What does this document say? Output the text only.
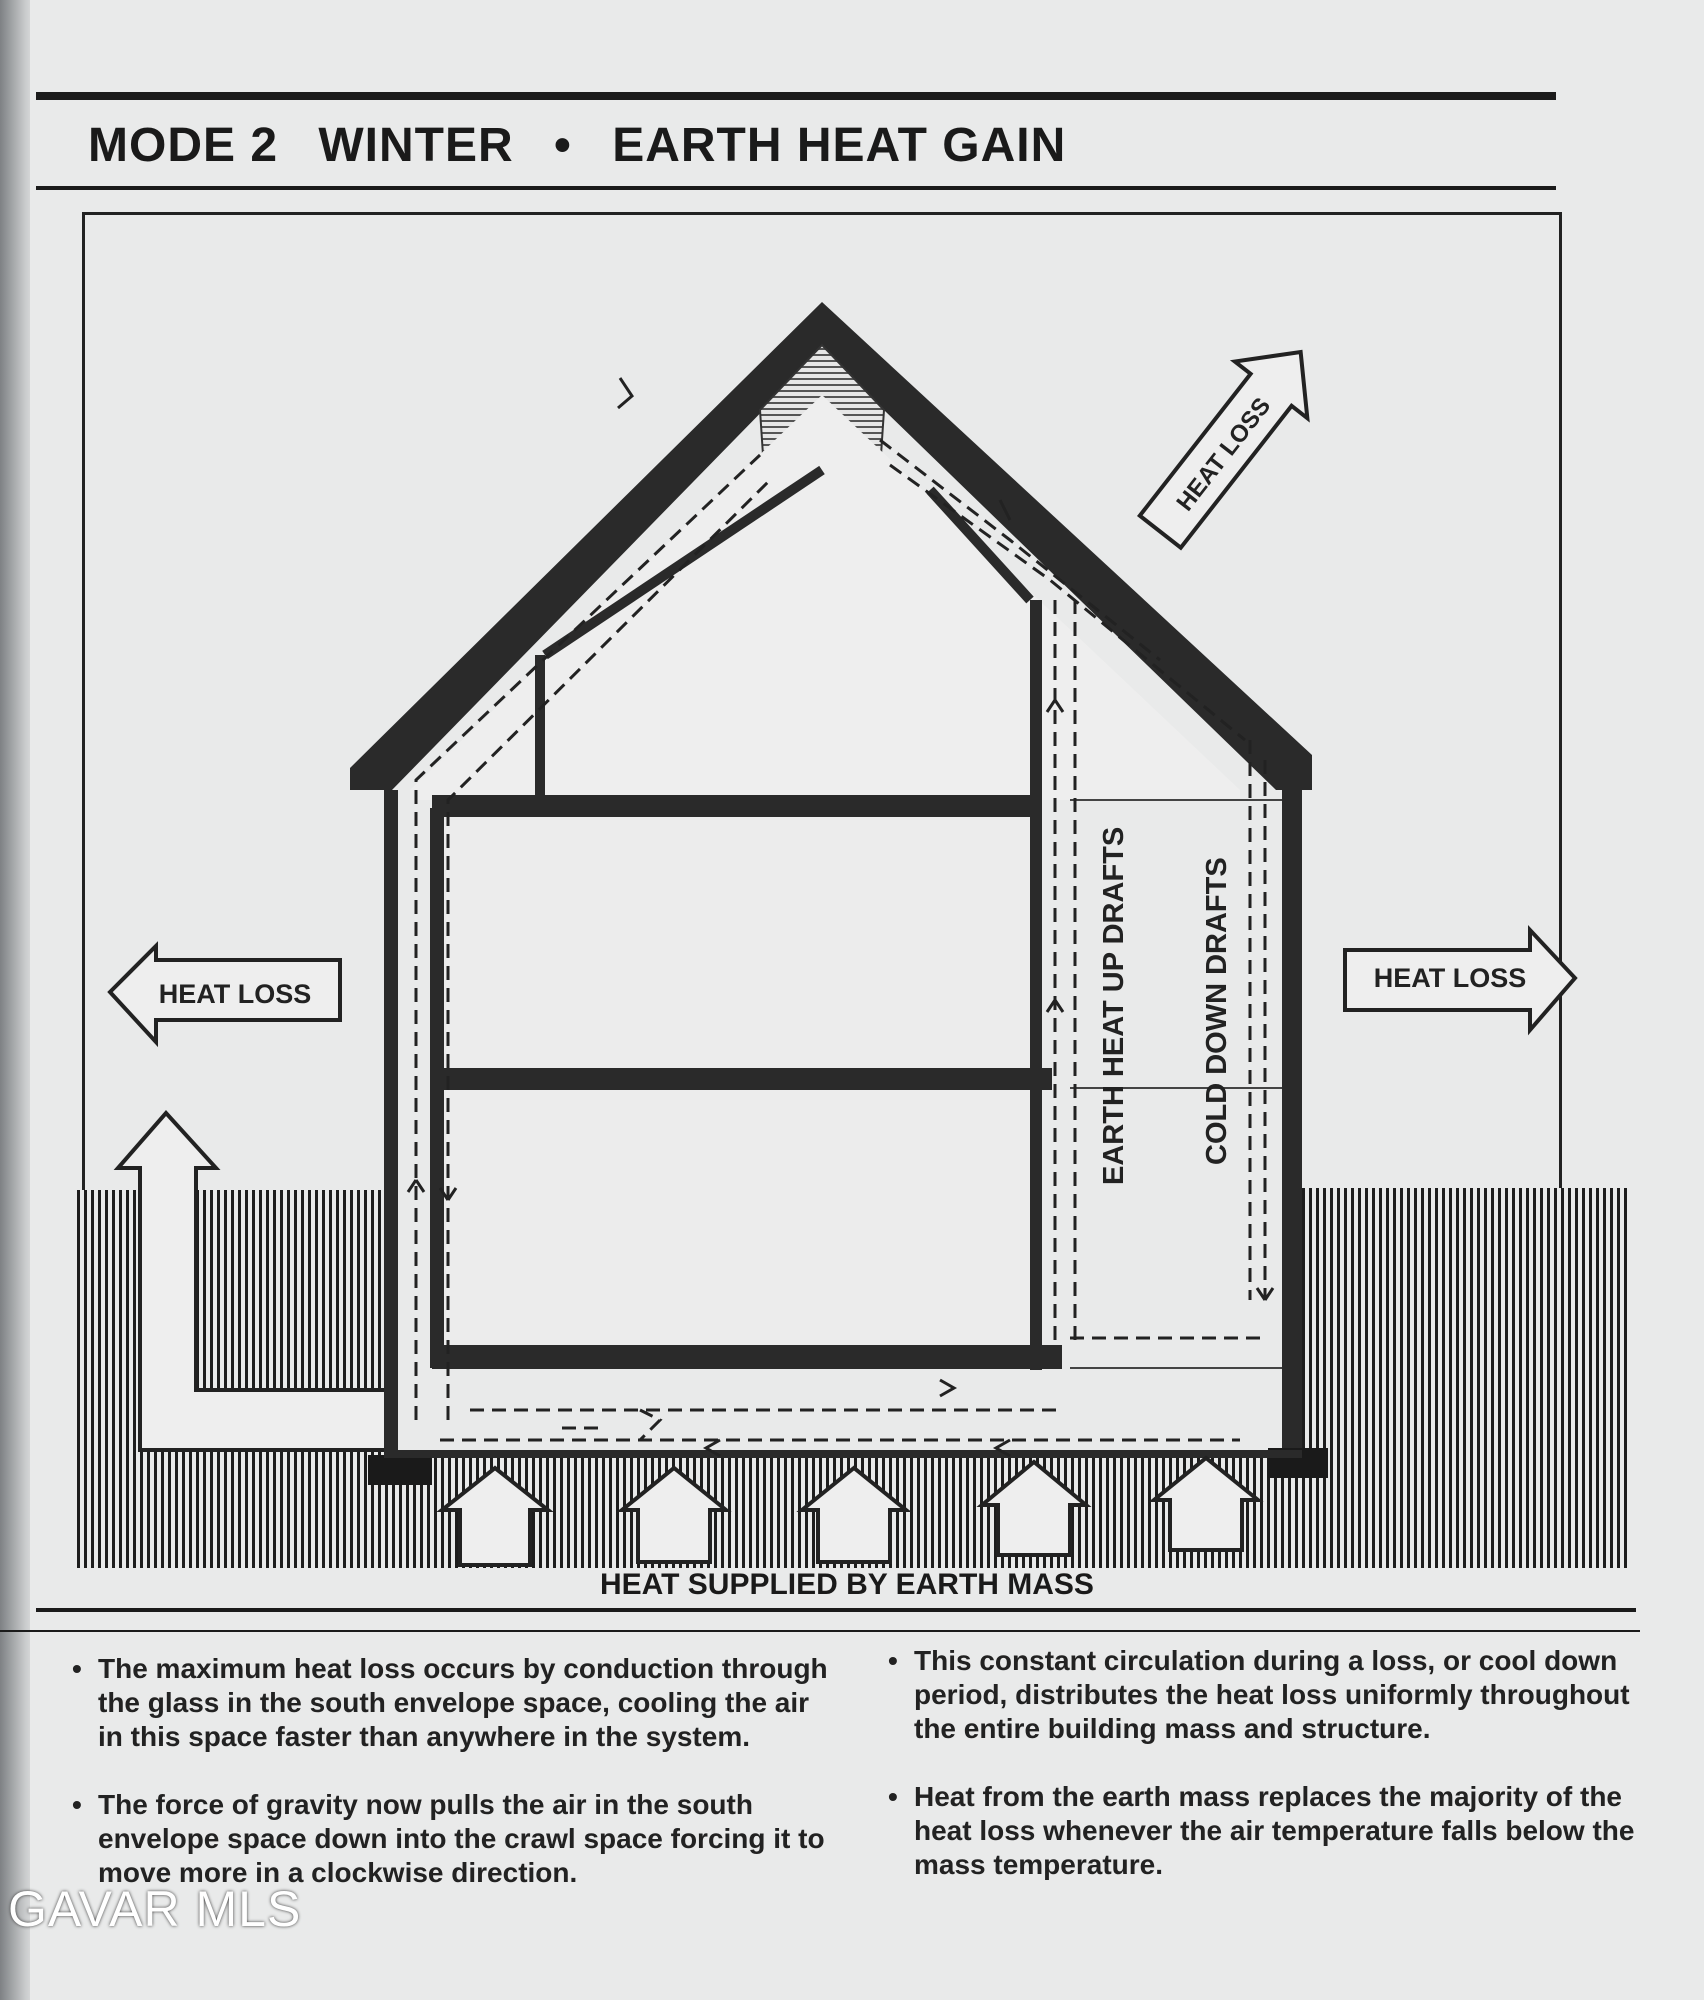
MODE 2 WINTER • EARTH HEAT GAIN
HEAT LOSS
HEAT LOSS
HEAT LOSS
EARTH HEAT UP DRAFTS COLD DOWN DRAFTS
HEAT SUPPLIED BY EARTH MASS

• The maximum heat loss occurs by conduction through the glass in the south envelope space, cooling the air in this space faster than anywhere in the system.

• The force of gravity now pulls the air in the south envelope space down into the crawl space forcing it to move more in a clockwise direction.

• This constant circulation during a loss, or cool down period, distributes the heat loss uniformly throughout the entire building mass and structure.

• Heat from the earth mass replaces the majority of the heat loss whenever the air temperature falls below the mass temperature.

GAVAR MLS
